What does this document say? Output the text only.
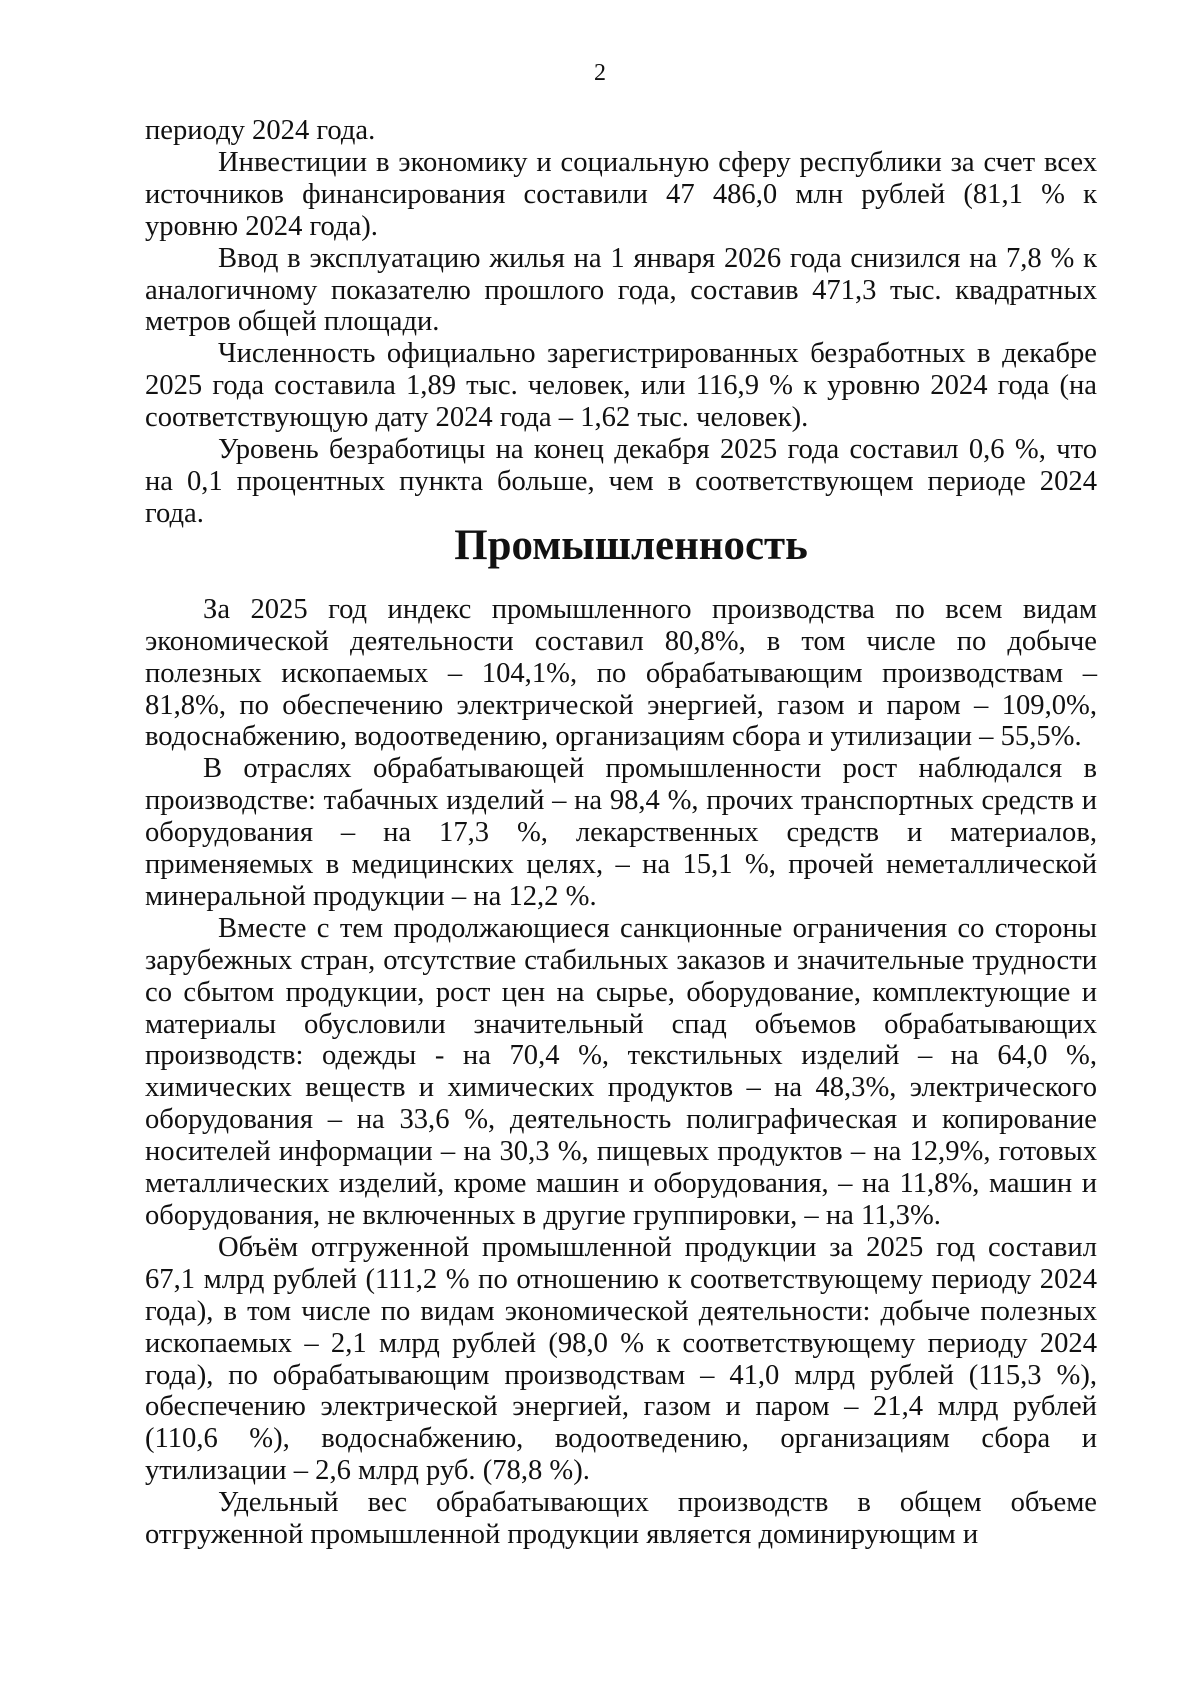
2

периоду 2024 года.

Инвестиции в экономику и социальную сферу республики за счет всех источников финансирования составили 47 486,0 млн рублей (81,1 % к уровню 2024 года).

Ввод в эксплуатацию жилья на 1 января 2026 года снизился на 7,8 % к аналогичному показателю прошлого года, составив 471,3 тыс. квадратных метров общей площади.

Численность официально зарегистрированных безработных в декабре 2025 года составила 1,89 тыс. человек, или 116,9 % к уровню 2024 года (на соответствующую дату 2024 года – 1,62 тыс. человек).

Уровень безработицы на конец декабря 2025 года составил 0,6 %, что на 0,1 процентных пункта больше, чем в соответствующем периоде 2024 года.

Промышленность

За 2025 год индекс промышленного производства по всем видам экономической деятельности составил 80,8%, в том числе по добыче полезных ископаемых – 104,1%, по обрабатывающим производствам – 81,8%, по обеспечению электрической энергией, газом и паром – 109,0%, водоснабжению, водоотведению, организациям сбора и утилизации – 55,5%.

В отраслях обрабатывающей промышленности рост наблюдался в производстве: табачных изделий – на 98,4 %, прочих транспортных средств и оборудования – на 17,3 %, лекарственных средств и материалов, применяемых в медицинских целях, – на 15,1 %, прочей неметаллической минеральной продукции – на 12,2 %.

Вместе с тем продолжающиеся санкционные ограничения со стороны зарубежных стран, отсутствие стабильных заказов и значительные трудности со сбытом продукции, рост цен на сырье, оборудование, комплектующие и материалы обусловили значительный спад объемов обрабатывающих производств: одежды - на 70,4 %, текстильных изделий – на 64,0 %, химических веществ и химических продуктов – на 48,3%, электрического оборудования – на 33,6 %, деятельность полиграфическая и копирование носителей информации – на 30,3 %, пищевых продуктов – на 12,9%, готовых металлических изделий, кроме машин и оборудования, – на 11,8%, машин и оборудования, не включенных в другие группировки, – на 11,3%.

Объём отгруженной промышленной продукции за 2025 год составил 67,1 млрд рублей (111,2 % по отношению к соответствующему периоду 2024 года), в том числе по видам экономической деятельности: добыче полезных ископаемых – 2,1 млрд рублей (98,0 % к соответствующему периоду 2024 года), по обрабатывающим производствам – 41,0 млрд рублей (115,3 %), обеспечению электрической энергией, газом и паром – 21,4 млрд рублей (110,6 %), водоснабжению, водоотведению, организациям сбора и утилизации – 2,6 млрд руб. (78,8 %).

Удельный вес обрабатывающих производств в общем объеме отгруженной промышленной продукции является доминирующим и
